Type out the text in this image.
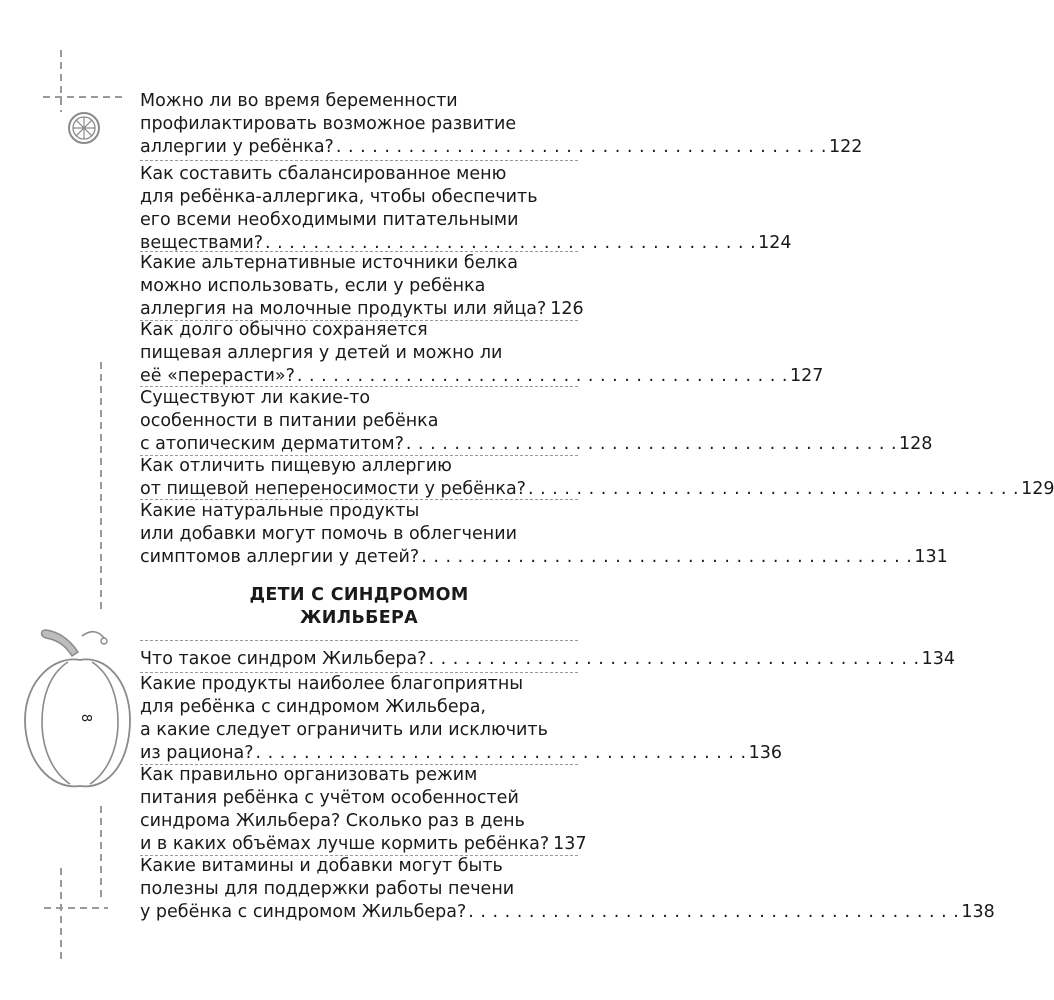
8
Можно ли во время беременности
профилактировать возможное развитие
аллергии у ребёнка? . . . . . . . . . . . . . . . . . . . . . . . . . . . . . . . . . . . . . . . . . 122
Как составить сбалансированное меню
для ребёнка-аллергика, чтобы обеспечить
его всеми необходимыми питательными
веществами? . . . . . . . . . . . . . . . . . . . . . . . . . . . . . . . . . . . . . . . . . 124
Какие альтернативные источники белка
можно использовать, если у ребёнка
аллергия на молочные продукты или яйца? 126
Как долго обычно сохраняется
пищевая аллергия у детей и можно ли
её «перерасти»? . . . . . . . . . . . . . . . . . . . . . . . . . . . . . . . . . . . . . . . . . 127
Существуют ли какие-то
особенности в питании ребёнка
с атопическим дерматитом? . . . . . . . . . . . . . . . . . . . . . . . . . . . . . . . . . . . . . . . . . 128
Как отличить пищевую аллергию
от пищевой непереносимости у ребёнка? . . . . . . . . . . . . . . . . . . . . . . . . . . . . . . . . . . . . . . . . . 129
Какие натуральные продукты
или добавки могут помочь в облегчении
симптомов аллергии у детей? . . . . . . . . . . . . . . . . . . . . . . . . . . . . . . . . . . . . . . . . . 131
ДЕТИ С СИНДРОМОМ
ЖИЛЬБЕРА
Что такое синдром Жильбера? . . . . . . . . . . . . . . . . . . . . . . . . . . . . . . . . . . . . . . . . . 134
Какие продукты наиболее благоприятны
для ребёнка с синдромом Жильбера,
а какие следует ограничить или исключить
из рациона? . . . . . . . . . . . . . . . . . . . . . . . . . . . . . . . . . . . . . . . . . 136
Как правильно организовать режим
питания ребёнка с учётом особенностей
синдрома Жильбера? Сколько раз в день
и в каких объёмах лучше кормить ребёнка? 137
Какие витамины и добавки могут быть
полезны для поддержки работы печени
у ребёнка с синдромом Жильбера? . . . . . . . . . . . . . . . . . . . . . . . . . . . . . . . . . . . . . . . . . 138
